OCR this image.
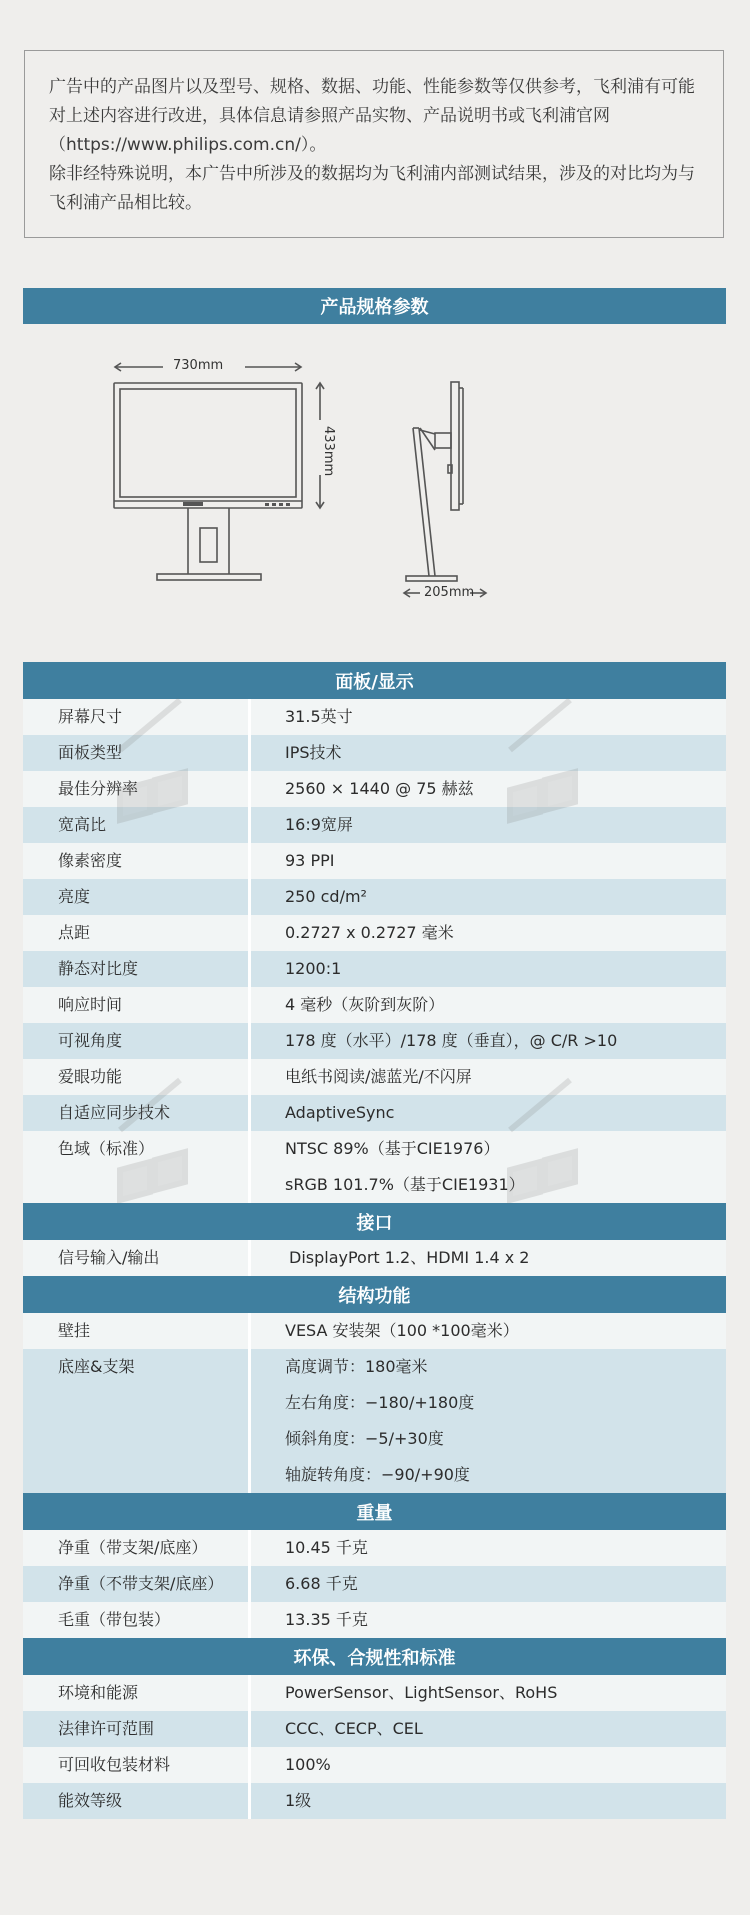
广告中的产品图片以及型号、规格、数据、功能、性能参数等仅供参考，飞利浦有可能对上述内容进行改进，具体信息请参照产品实物、产品说明书或飞利浦官网（https://www.philips.com.cn/）。

除非经特殊说明，本广告中所涉及的数据均为飞利浦内部测试结果，涉及的对比均为与飞利浦产品相比较。

产品规格参数
730mm
433mm
205mm
面板/显示
屏幕尺寸	31.5英寸
面板类型	IPS技术
最佳分辨率	2560 × 1440 @ 75 赫兹
宽高比	16:9宽屏
像素密度	93 PPI
亮度	250 cd/m²
点距	0.2727 x 0.2727 毫米
静态对比度	1200:1
响应时间	4 毫秒（灰阶到灰阶）
可视角度	178 度（水平）/178 度（垂直），@ C/R >10
爱眼功能	电纸书阅读/滤蓝光/不闪屏
自适应同步技术	AdaptiveSync
色域（标准）	NTSC 89%（基于CIE1976）
sRGB 101.7%（基于CIE1931）
接口
信号输入/输出	DisplayPort 1.2、HDMI 1.4 x 2
结构功能
壁挂	VESA 安装架（100 *100毫米）
底座&支架	高度调节：180毫米
左右角度：−180/+180度
倾斜角度：−5/+30度
轴旋转角度：−90/+90度
重量
净重（带支架/底座）	10.45 千克
净重（不带支架/底座）	6.68 千克
毛重（带包装）	13.35 千克
环保、合规性和标准
环境和能源	PowerSensor、LightSensor、RoHS
法律许可范围	CCC、CECP、CEL
可回收包装材料	100%
能效等级	1级
